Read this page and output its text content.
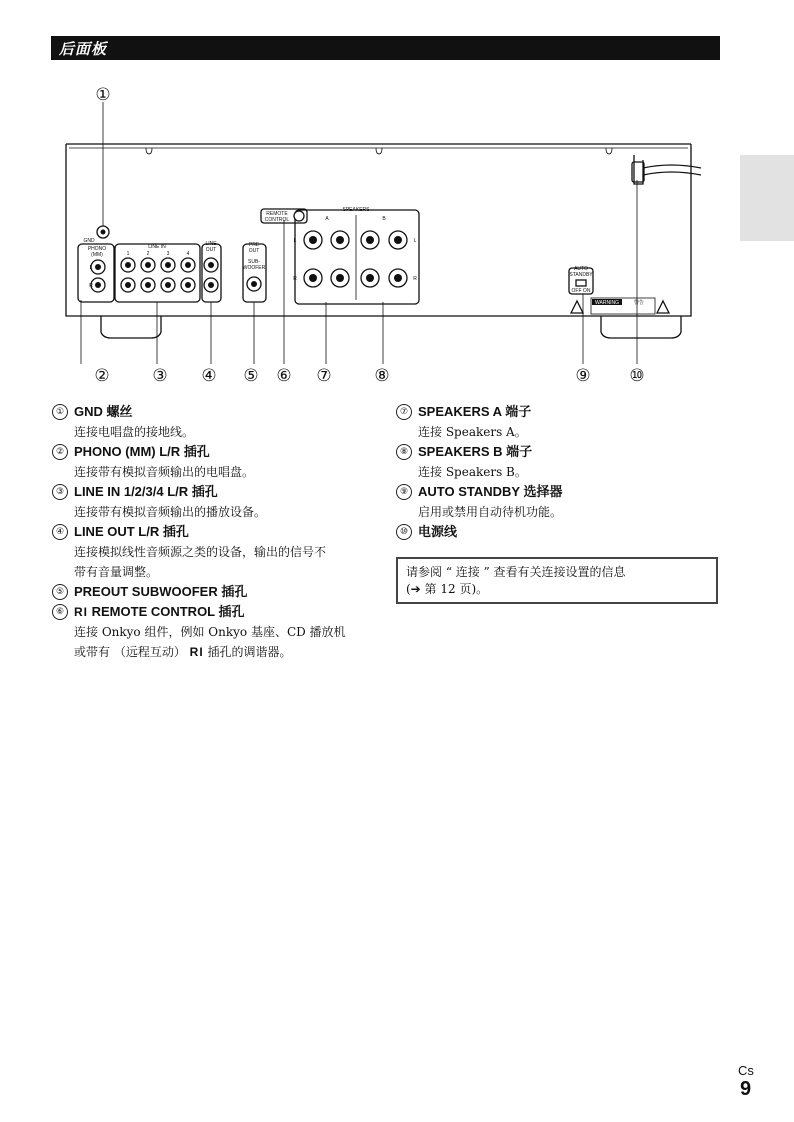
后面板
GND
PHONO
(MM)
LINE IN	LINE
OUT
PRE
OUT
SUB-
WOOFER
REMOTE
CONTROL
SPEAKERS
A	B
AUTO
STANDBY
OFF ON
WARNING	警告
L
R
L
R
L
R
1	2	3	4
①
②	③ ④ ⑤ ⑥ ⑦	⑧	⑨ ⑩
① GND 螺丝
连接电唱盘的接地线。
② PHONO (MM) L/R 插孔
连接带有模拟音频输出的电唱盘。
③ LINE IN 1/2/3/4 L/R 插孔
连接带有模拟音频输出的播放设备。
④ LINE OUT L/R 插孔
连接模拟线性音频源之类的设备，输出的信号不
带有音量调整。
⑤ PREOUT SUBWOOFER 插孔
⑥ RI REMOTE CONTROL 插孔
连接 Onkyo 组件，例如 Onkyo 基座、CD 播放机
或带有 （远程互动） RI 插孔的调谐器。
⑦ SPEAKERS A 端子
连接 Speakers A。
⑧ SPEAKERS B 端子
连接 Speakers B。
⑨ AUTO STANDBY 选择器
启用或禁用自动待机功能。
⑩ 电源线
请参阅 “ 连接 ” 查看有关连接设置的信息
(➔ 第 12 页)。
Cs
9
